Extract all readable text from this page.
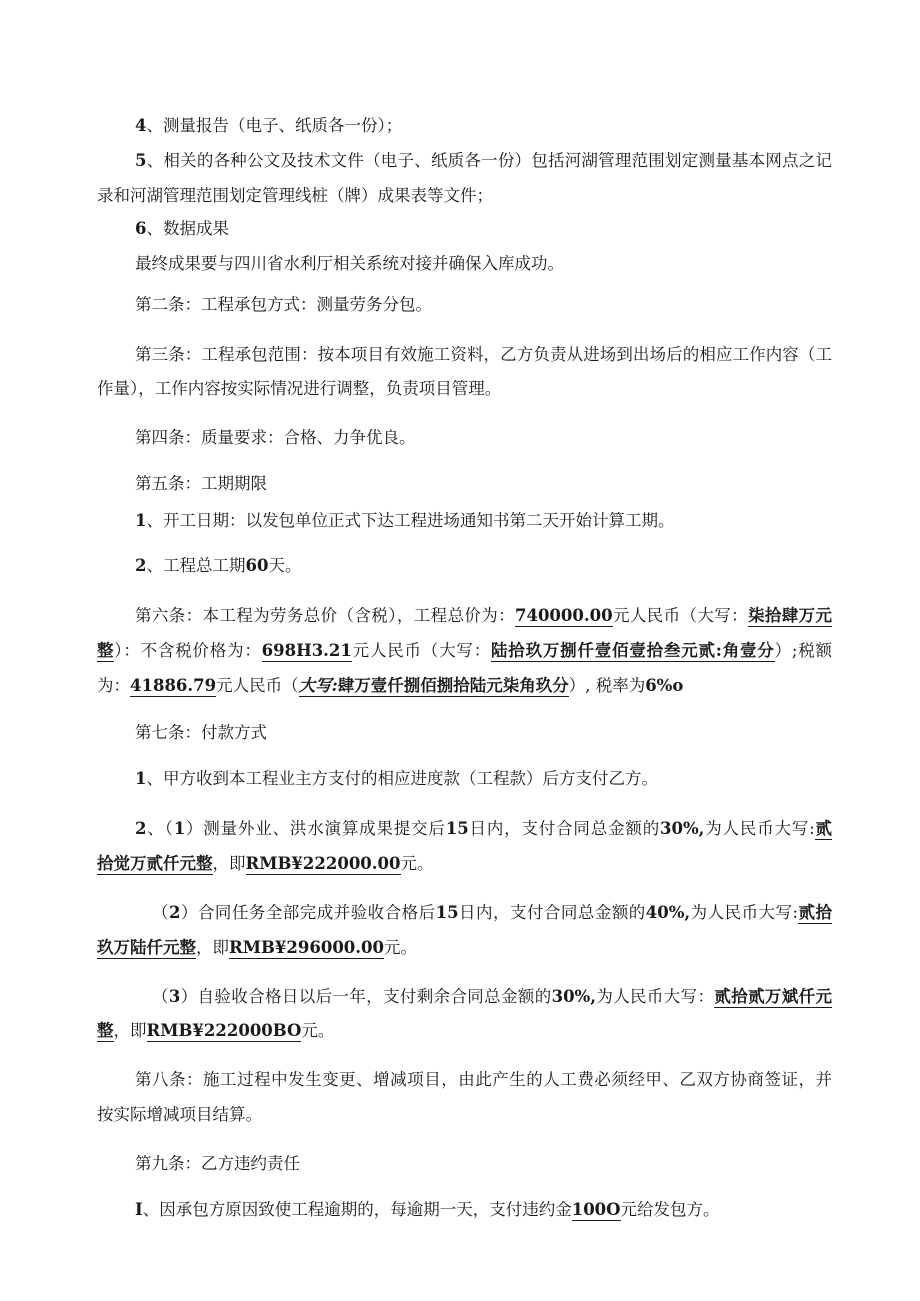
4、测量报告（电子、纸质各一份）；
5、相关的各种公文及技术文件（电子、纸质各一份）包括河湖管理范围划定测量基本网点之记
录和河湖管理范围划定管理线桩（牌）成果表等文件；
6、数据成果
最终成果要与四川省水利厅相关系统对接并确保入库成功。
第二条：工程承包方式：测量劳务分包。
第三条：工程承包范围：按本项目有效施工资料，乙方负责从进场到出场后的相应工作内容（工
作量），工作内容按实际情况进行调整，负责项目管理。
第四条：质量要求：合格、力争优良。
第五条：工期期限
1、开工日期：以发包单位正式下达工程进场通知书第二天开始计算工期。
2、工程总工期60天。
第六条：本工程为劳务总价（含税），工程总价为：740000.00元人民币（大写：柒拾肆万元
整）：不含税价格为：698H3.21元人民币（大写：陆拾玖万捌仟壹佰壹拾叁元贰:角壹分）;税额
为：41886.79元人民币（大写:肆万壹仟捌佰捌拾陆元柒角玖分）, 税率为6%o
第七条：付款方式
1、甲方收到本工程业主方支付的相应进度款（工程款）后方支付乙方。
2、（1）测量外业、洪水演算成果提交后15日内，支付合同总金额的30%,为人民币大写:贰
拾觉万贰仟元整，即RMB¥222000.00元。
（2）合同任务全部完成并验收合格后15日内，支付合同总金额的40%,为人民币大写:贰拾
玖万陆仟元整，即RMB¥296000.00元。
（3）自验收合格日以后一年，支付剩余合同总金额的30%,为人民币大写：贰拾贰万斌仟元
整，即RMB¥222000BO元。
第八条：施工过程中发生变更、增减项目，由此产生的人工费必须经甲、乙双方协商签证，并
按实际增减项目结算。
第九条：乙方违约责任
I、因承包方原因致使工程逾期的，每逾期一天，支付违约金100O元给发包方。
